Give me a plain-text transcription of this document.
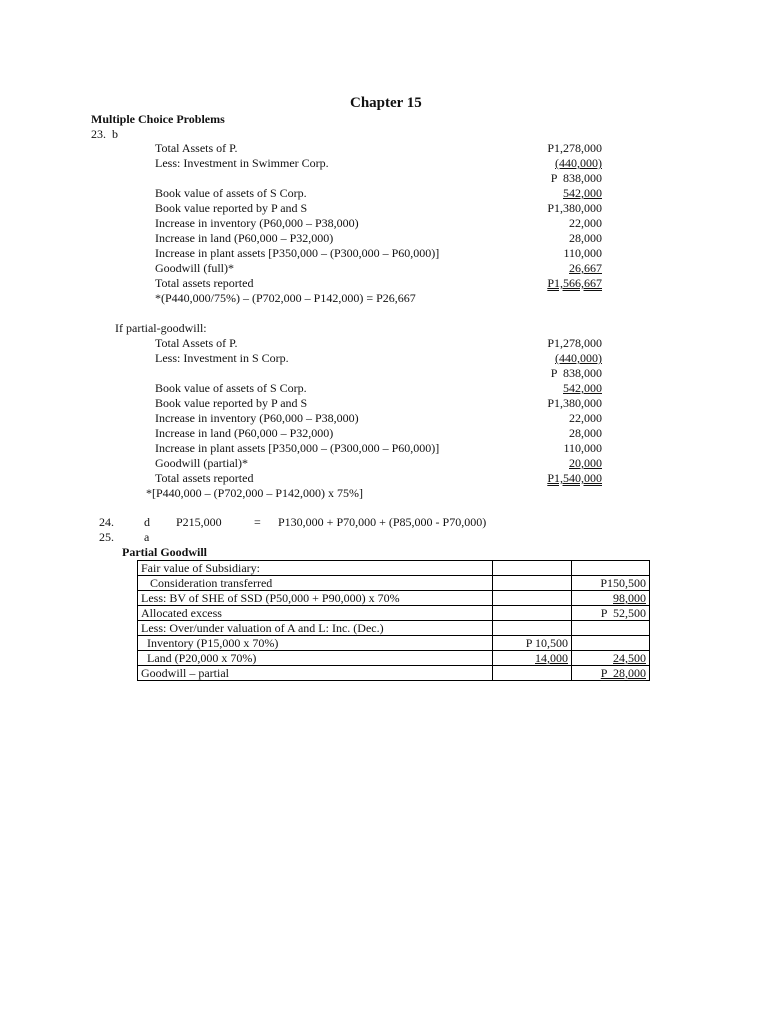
Chapter 15
Multiple Choice Problems
23.  b
Total Assets of P.	P1,278,000
Less: Investment in Swimmer Corp.	(440,000)
P  838,000
Book value of assets of S Corp.	542,000
Book value reported by P and S	P1,380,000
Increase in inventory (P60,000 – P38,000)	22,000
Increase in land (P60,000 – P32,000)	28,000
Increase in plant assets [P350,000 – (P300,000 – P60,000)]	110,000
Goodwill (full)*	26,667
Total assets reported	P1,566,667
*(P440,000/75%) – (P702,000 – P142,000) = P26,667
If partial-goodwill:
Total Assets of P.	P1,278,000
Less: Investment in S Corp.	(440,000)
P  838,000
Book value of assets of S Corp.	542,000
Book value reported by P and S	P1,380,000
Increase in inventory (P60,000 – P38,000)	22,000
Increase in land (P60,000 – P32,000)	28,000
Increase in plant assets [P350,000 – (P300,000 – P60,000)]	110,000
Goodwill (partial)*	20,000
Total assets reported	P1,540,000
*[P440,000 – (P702,000 – P142,000) x 75%]
24.	d P215,000	= P130,000 + P70,000 + (P85,000 - P70,000)
25.	a
Partial Goodwill
Fair value of Subsidiary:		
Consideration transferred		P150,500
Less: BV of SHE of SSD (P50,000 + P90,000) x 70%		98,000
Allocated excess		P  52,500
Less: Over/under valuation of A and L: Inc. (Dec.)		
Inventory (P15,000 x 70%)	P 10,500	
Land (P20,000 x 70%)	14,000	24,500
Goodwill – partial		P  28,000
